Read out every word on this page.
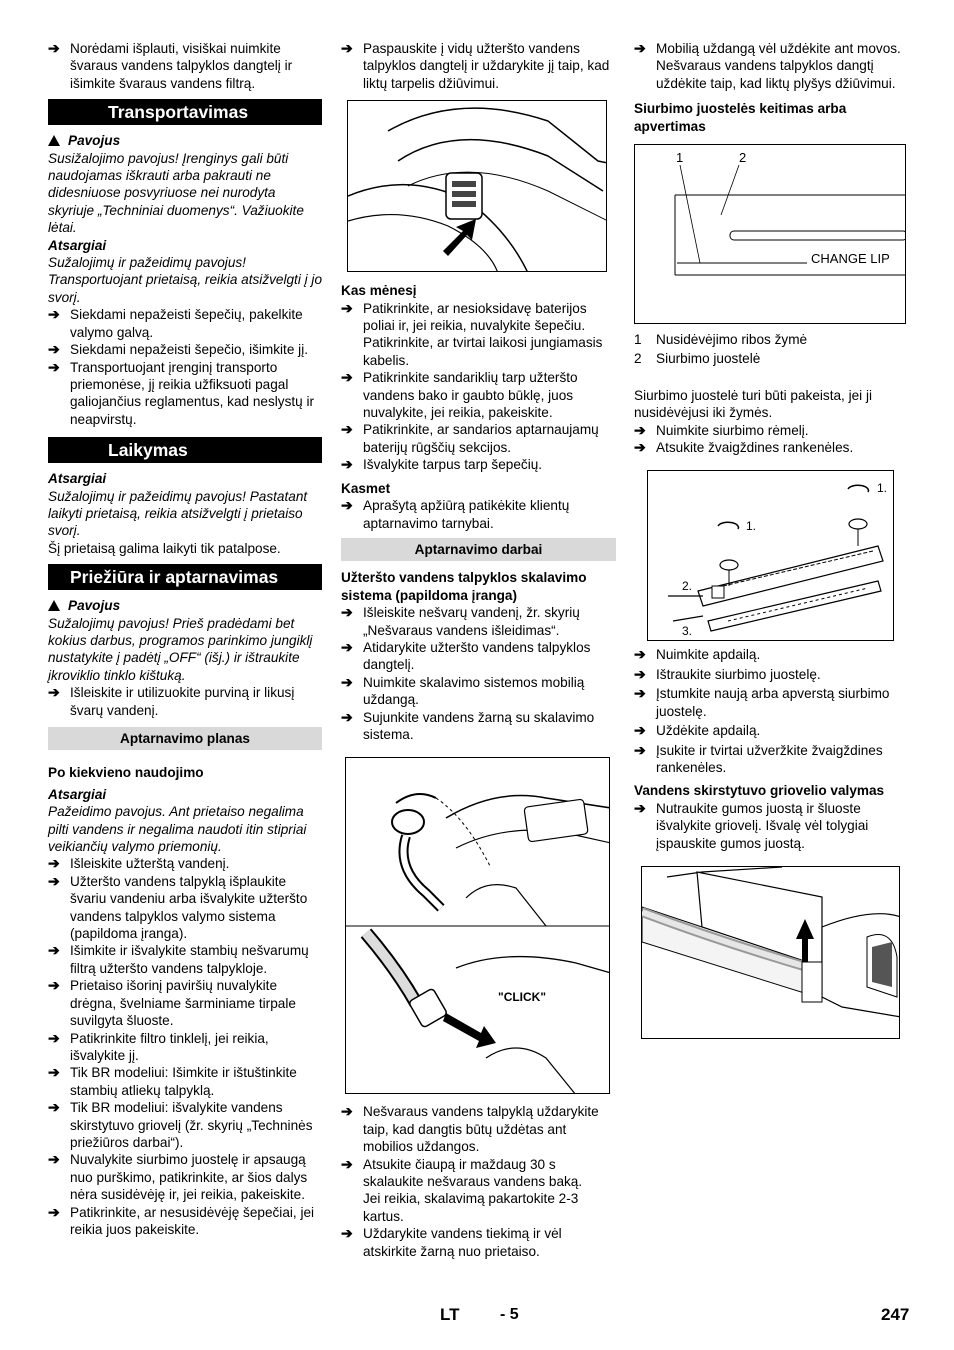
➔ Norėdami išplauti, visiškai nuimkite švaraus vandens talpyklos dangtelį ir išimkite švaraus vandens filtrą.
Transportavimas
Pavojus

Susižalojimo pavojus! Įrenginys gali būti naudojamas iškrauti arba pakrauti ne didesniuose posvyriuose nei nurodyta skyriuje „Techniniai duomenys“. Važiuokite lėtai.

Atsargiai

Sužalojimų ir pažeidimų pavojus! Transportuojant prietaisą, reikia atsižvelgti į jo svorį.

➔ Siekdami nepažeisti šepečių, pakelkite valymo galvą.
➔ Siekdami nepažeisti šepečio, išimkite jį.
➔ Transportuojant įrenginį transporto priemonėse, jį reikia užfiksuoti pagal galiojančius reglamentus, kad neslystų ir neapvirstų.
Laikymas

Atsargiai

Sužalojimų ir pažeidimų pavojus! Pastatant laikyti prietaisą, reikia atsižvelgti į prietaiso svorį.

Šį prietaisą galima laikyti tik patalpose.

Priežiūra ir aptarnavimas
Pavojus

Sužalojimų pavojus! Prieš pradėdami bet kokius darbus, programos parinkimo jungiklį nustatykite į padėtį „OFF“ (išj.) ir ištraukite įkroviklio tinklo kištuką.

➔ Išleiskite ir utilizuokite purviną ir likusį švarų vandenį.
Aptarnavimo planas

Po kiekvieno naudojimo

Atsargiai

Pažeidimo pavojus. Ant prietaiso negalima pilti vandens ir negalima naudoti itin stipriai veikiančių valymo priemonių.

➔ Išleiskite užterštą vandenį.
➔ Užteršto vandens talpyklą išplaukite švariu vandeniu arba išvalykite užteršto vandens talpyklos valymo sistema (papildoma įranga).
➔ Išimkite ir išvalykite stambių nešvarumų filtrą užteršto vandens talpykloje.
➔ Prietaiso išorinį paviršių nuvalykite drėgna, švelniame šarminiame tirpale suvilgyta šluoste.
➔ Patikrinkite filtro tinklelį, jei reikia, išvalykite jį.
➔ Tik BR modeliui: Išimkite ir ištuštinkite stambių atliekų talpyklą.
➔ Tik BR modeliui: išvalykite vandens skirstytuvo griovelį (žr. skyrių „Techninės priežiūros darbai“).
➔ Nuvalykite siurbimo juostelę ir apsaugą nuo purškimo, patikrinkite, ar šios dalys nėra susidėvėję ir, jei reikia, pakeiskite.
➔ Patikrinkite, ar nesusidėvėję šepečiai, jei reikia juos pakeiskite.
➔ Paspauskite į vidų užteršto vandens talpyklos dangtelį ir uždarykite jį taip, kad liktų tarpelis džiūvimui.

Kas mėnesį

➔ Patikrinkite, ar nesioksidavę baterijos poliai ir, jei reikia, nuvalykite šepečiu. Patikrinkite, ar tvirtai laikosi jungiamasis kabelis.
➔ Patikrinkite sandariklių tarp užteršto vandens bako ir gaubto būklę, juos nuvalykite, jei reikia, pakeiskite.
➔ Patikrinkite, ar sandarios aptarnaujamų baterijų rūgščių sekcijos.
➔ Išvalykite tarpus tarp šepečių.

Kasmet

➔ Aprašytą apžiūrą patikėkite klientų aptarnavimo tarnybai.
Aptarnavimo darbai

Užteršto vandens talpyklos skalavimo sistema (papildoma įranga)

➔ Išleiskite nešvarų vandenį, žr. skyrių „Nešvaraus vandens išleidimas“.
➔ Atidarykite užteršto vandens talpyklos dangtelį.
➔ Nuimkite skalavimo sistemos mobilią uždangą.
➔ Sujunkite vandens žarną su skalavimo sistema.
"CLICK"
➔ Nešvaraus vandens talpyklą uždarykite taip, kad dangtis būtų uždėtas ant mobilios uždangos.
➔ Atsukite čiaupą ir maždaug 30 s skalaukite nešvaraus vandens baką.

Jei reikia, skalavimą pakartokite 2-3 kartus.

➔ Uždarykite vandens tiekimą ir vėl atskirkite žarną nuo prietaiso.
➔ Mobilią uždangą vėl uždėkite ant movos. Nešvaraus vandens talpyklos dangtį uždėkite taip, kad liktų plyšys džiūvimui.

Siurbimo juostelės keitimas arba apvertimas

1	2
CHANGE LIP
1	Nusidėvėjimo ribos žymė
2	Siurbimo juostelė

Siurbimo juostelė turi būti pakeista, jei ji nusidėvėjusi iki žymės.

➔ Nuimkite siurbimo rėmelį.
➔ Atsukite žvaigždines rankenėles.
1.
1.
2.
3.
➔ Nuimkite apdailą.
➔ Ištraukite siurbimo juostelę.
➔ Įstumkite naują arba apverstą siurbimo juostelę.
➔ Uždėkite apdailą.
➔ Įsukite ir tvirtai užveržkite žvaigždines rankenėles.

Vandens skirstytuvo griovelio valymas

➔ Nutraukite gumos juostą ir šluoste išvalykite griovelį. Išvalę vėl tolygiai įspauskite gumos juostą.
LT	- 5	247
